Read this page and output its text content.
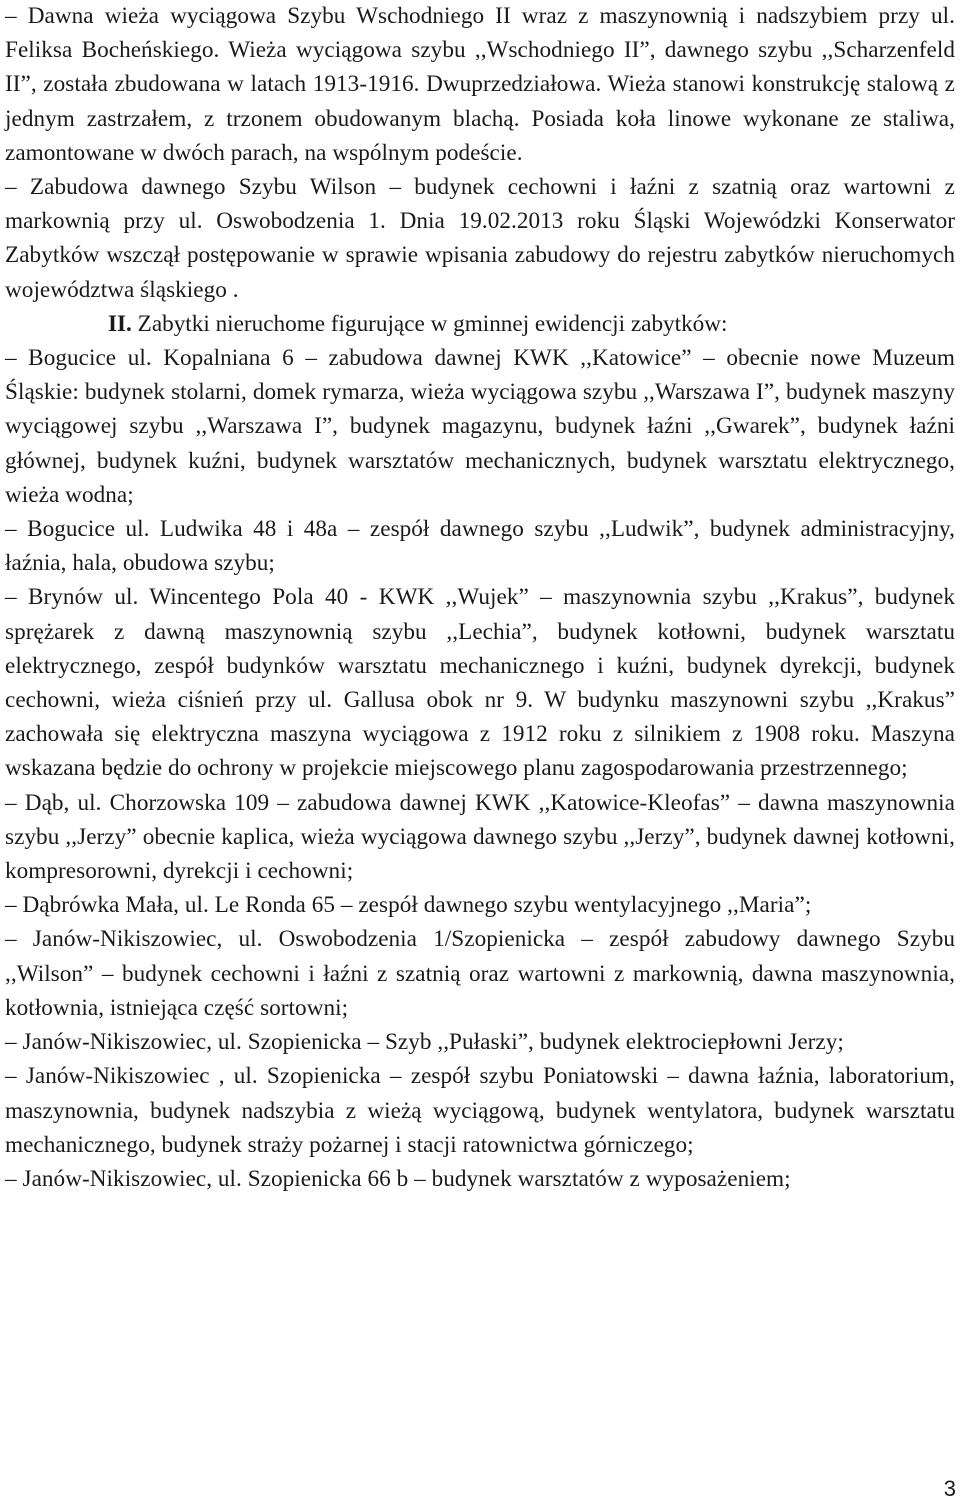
– Dawna wieża wyciągowa Szybu Wschodniego II wraz z maszynownią i nadszybiem przy ul. Feliksa Bocheńskiego. Wieża wyciągowa szybu ,,Wschodniego II”, dawnego szybu ,,Scharzenfeld II”, została zbudowana w latach 1913-1916. Dwuprzedziałowa. Wieża stanowi konstrukcję stalową z jednym zastrzałem, z trzonem obudowanym blachą. Posiada koła linowe wykonane ze staliwa, zamontowane w dwóch parach, na wspólnym podeście.

– Zabudowa dawnego Szybu Wilson – budynek cechowni i łaźni z szatnią oraz wartowni z markownią przy ul. Oswobodzenia 1. Dnia 19.02.2013 roku Śląski Wojewódzki Konserwator Zabytków wszczął postępowanie w sprawie wpisania zabudowy do rejestru zabytków nieruchomych województwa śląskiego .

II. Zabytki nieruchome figurujące w gminnej ewidencji zabytków:

– Bogucice ul. Kopalniana 6 – zabudowa dawnej KWK ,,Katowice” – obecnie nowe Muzeum Śląskie: budynek stolarni, domek rymarza, wieża wyciągowa szybu ,,Warszawa I”, budynek maszyny wyciągowej szybu ,,Warszawa I”, budynek magazynu, budynek łaźni ,,Gwarek”, budynek łaźni głównej, budynek kuźni, budynek warsztatów mechanicznych, budynek warsztatu elektrycznego, wieża wodna;

– Bogucice ul. Ludwika 48 i 48a – zespół dawnego szybu ,,Ludwik”, budynek administracyjny, łaźnia, hala, obudowa szybu;

– Brynów ul. Wincentego Pola 40 - KWK ,,Wujek” – maszynownia szybu ,,Krakus”, budynek sprężarek z dawną maszynownią szybu ,,Lechia”, budynek kotłowni, budynek warsztatu elektrycznego, zespół budynków warsztatu mechanicznego i kuźni, budynek dyrekcji, budynek cechowni, wieża ciśnień przy ul. Gallusa obok nr 9. W budynku maszynowni szybu ,,Krakus” zachowała się elektryczna maszyna wyciągowa z 1912 roku z silnikiem z 1908 roku. Maszyna wskazana będzie do ochrony w projekcie miejscowego planu zagospodarowania przestrzennego;

– Dąb, ul. Chorzowska 109 – zabudowa dawnej KWK ,,Katowice-Kleofas” – dawna maszynownia szybu ,,Jerzy” obecnie kaplica, wieża wyciągowa dawnego szybu ,,Jerzy”, budynek dawnej kotłowni, kompresorowni, dyrekcji i cechowni;

– Dąbrówka Mała, ul. Le Ronda 65 – zespół dawnego szybu wentylacyjnego ,,Maria”;

– Janów-Nikiszowiec, ul. Oswobodzenia 1/Szopienicka – zespół zabudowy dawnego Szybu ,,Wilson” – budynek cechowni i łaźni z szatnią oraz wartowni z markownią, dawna maszynownia, kotłownia, istniejąca część sortowni;

– Janów-Nikiszowiec, ul. Szopienicka – Szyb ,,Pułaski”, budynek elektrociepłowni Jerzy;

– Janów-Nikiszowiec , ul. Szopienicka – zespół szybu Poniatowski – dawna łaźnia, laboratorium, maszynownia, budynek nadszybia z wieżą wyciągową, budynek wentylatora, budynek warsztatu mechanicznego, budynek straży pożarnej i stacji ratownictwa górniczego;

– Janów-Nikiszowiec, ul. Szopienicka 66 b – budynek warsztatów z wyposażeniem;

3
